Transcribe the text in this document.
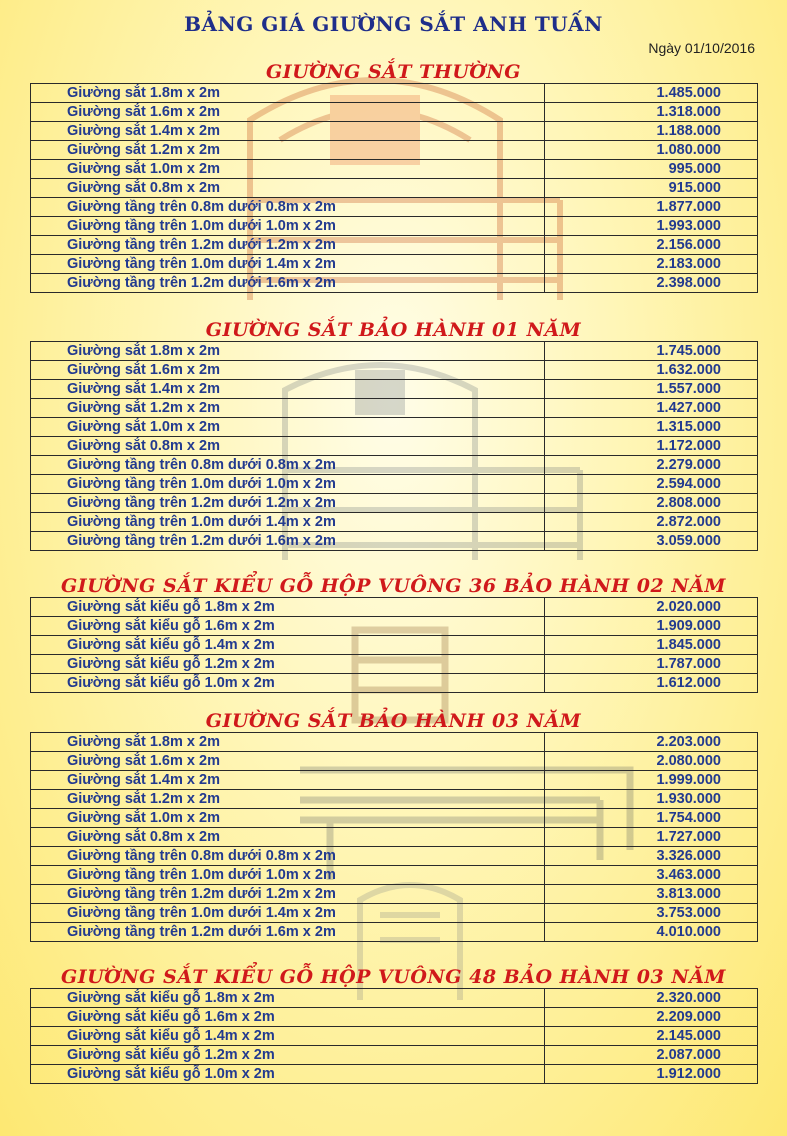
BẢNG GIÁ GIƯỜNG SẮT ANH TUẤN
Ngày 01/10/2016
GIƯỜNG SẮT THƯỜNG
Giường sắt 1.8m x 2m	1.485.000
Giường sắt 1.6m x 2m	1.318.000
Giường sắt 1.4m x 2m	1.188.000
Giường sắt 1.2m x 2m	1.080.000
Giường sắt 1.0m x 2m	995.000
Giường sắt 0.8m x 2m	915.000
Giường tầng trên 0.8m dưới 0.8m x 2m	1.877.000
Giường tầng trên 1.0m dưới 1.0m x 2m	1.993.000
Giường tầng trên 1.2m dưới 1.2m x 2m	2.156.000
Giường tầng trên 1.0m dưới 1.4m x 2m	2.183.000
Giường tầng trên 1.2m dưới 1.6m x 2m	2.398.000
GIƯỜNG SẮT BẢO HÀNH 01 NĂM
Giường sắt 1.8m x 2m	1.745.000
Giường sắt 1.6m x 2m	1.632.000
Giường sắt 1.4m x 2m	1.557.000
Giường sắt 1.2m x 2m	1.427.000
Giường sắt 1.0m x 2m	1.315.000
Giường sắt 0.8m x 2m	1.172.000
Giường tầng trên 0.8m dưới 0.8m x 2m	2.279.000
Giường tầng trên 1.0m dưới 1.0m x 2m	2.594.000
Giường tầng trên 1.2m dưới 1.2m x 2m	2.808.000
Giường tầng trên 1.0m dưới 1.4m x 2m	2.872.000
Giường tầng trên 1.2m dưới 1.6m x 2m	3.059.000
GIƯỜNG SẮT KIỂU GỖ HỘP VUÔNG 36 BẢO HÀNH 02 NĂM
Giường sắt kiểu gỗ 1.8m x 2m	2.020.000
Giường sắt kiểu gỗ 1.6m x 2m	1.909.000
Giường sắt kiểu gỗ 1.4m x 2m	1.845.000
Giường sắt kiểu gỗ 1.2m x 2m	1.787.000
Giường sắt kiểu gỗ 1.0m x 2m	1.612.000
GIƯỜNG SẮT BẢO HÀNH 03 NĂM
Giường sắt 1.8m x 2m	2.203.000
Giường sắt 1.6m x 2m	2.080.000
Giường sắt 1.4m x 2m	1.999.000
Giường sắt 1.2m x 2m	1.930.000
Giường sắt 1.0m x 2m	1.754.000
Giường sắt 0.8m x 2m	1.727.000
Giường tầng trên 0.8m dưới 0.8m x 2m	3.326.000
Giường tầng trên 1.0m dưới 1.0m x 2m	3.463.000
Giường tầng trên 1.2m dưới 1.2m x 2m	3.813.000
Giường tầng trên 1.0m dưới 1.4m x 2m	3.753.000
Giường tầng trên 1.2m dưới 1.6m x 2m	4.010.000
GIƯỜNG SẮT KIỂU GỖ HỘP VUÔNG 48 BẢO HÀNH 03 NĂM
Giường sắt kiểu gỗ 1.8m x 2m	2.320.000
Giường sắt kiểu gỗ 1.6m x 2m	2.209.000
Giường sắt kiểu gỗ 1.4m x 2m	2.145.000
Giường sắt kiểu gỗ 1.2m x 2m	2.087.000
Giường sắt kiểu gỗ 1.0m x 2m	1.912.000
